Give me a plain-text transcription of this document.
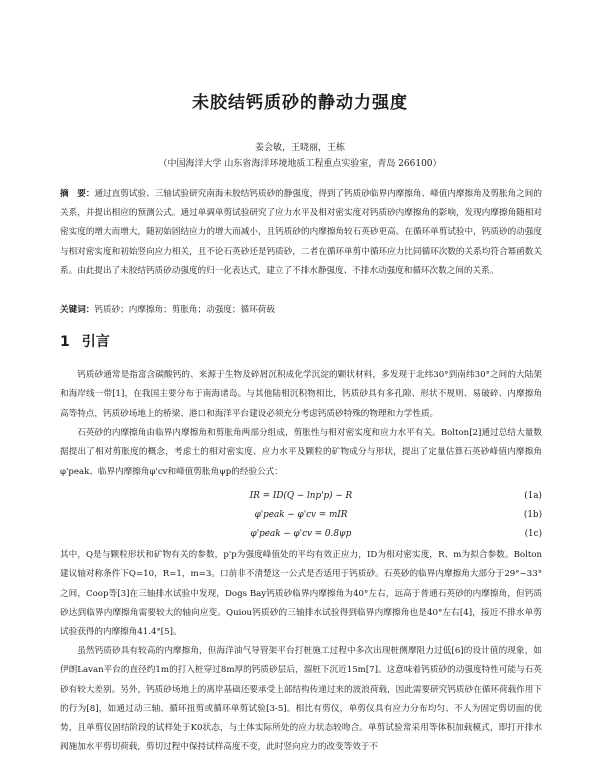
未胶结钙质砂的静动力强度
姜会敏，王晓丽，王栋
（中国海洋大学 山东省海洋环境地质工程重点实验室，青岛 266100）

摘　要：通过直剪试验、三轴试验研究南海未胶结钙质砂的静强度，得到了钙质砂临界内摩擦角、峰值内摩擦角及剪胀角之间的关系，并提出相应的预测公式。通过单调单剪试验研究了应力水平及相对密实度对钙质砂内摩擦角的影响，发现内摩擦角随相对密实度的增大而增大，随初始固结应力的增大而减小，且钙质砂的内摩擦角较石英砂更高。在循环单剪试验中，钙质砂的动强度与相对密实度和初始竖向应力相关，且不论石英砂还是钙质砂，二者在循环单剪中循环应力比同循环次数的关系均符合幂函数关系。由此提出了未胶结钙质砂动强度的归一化表达式，建立了不排水静强度、不排水动强度和循环次数之间的关系。

关键词：钙质砂；内摩擦角；剪胀角；动强度；循环荷载

1 引言

钙质砂通常是指富含碳酸钙的、来源于生物及碎屑沉积成化学沉淀的颗状材料，多发现于北纬30°到南纬30°之间的大陆架和海岸线一带[1]，在我国主要分布于南海诸岛。与其他陆相沉积物相比，钙质砂具有多孔隙、形状不规则、易破碎、内摩擦角高等特点，钙质砂场地上的桥梁、港口和海洋平台建设必须充分考虑钙质砂特殊的物理和力学性质。

石英砂的内摩擦角由临界内摩擦角和剪胀角两部分组成，剪胀性与相对密实度和应力水平有关。Bolton[2]通过总结大量数据提出了相对剪胀度的概念，考虑土的相对密实度、应力水平及颗粒的矿物成分与形状，提出了定量估算石英砂峰值内摩擦角φ'peak、临界内摩擦角φ'cv和峰值剪胀角ψp的经验公式：

IR = ID(Q − lnp'p) − R	(1a)
φ'peak − φ'cv = mIR	(1b)
φ'peak − φ'cv = 0.8ψp	(1c)

其中，Q是与颗粒形状和矿物有关的参数，p'p为强度峰值处的平均有效正应力，ID为相对密实度，R、m为拟合参数。Bolton建议轴对称条件下Q=10，R=1，m=3。口前非不清楚这一公式是否适用于钙质砂。石英砂的临界内摩擦角大部分于29°~33°之间，Coop等[3]在三轴排水试验中发现，Dogs Bay钙质砂临界内摩擦角为40°左右，远高于普通石英砂的内摩擦角，但钙质砂达到临界内摩擦角需要较大的轴向应变。Quiou钙质砂的三轴排水试验得到临界内摩擦角也是40°左右[4]，接近不排水单剪试验获得的内摩擦角41.4°[5]。

虽然钙质砂具有较高的内摩擦角，但海洋油气导管架平台打桩施工过程中多次出现桩侧摩阻力过低[6]的设计值的现象，如伊朗Lavan平台的直径约1m的打入桩穿过8m厚的钙质砂层后，溜桩下沉近15m[7]。这意味着钙质砂的动强度特性可能与石英砂有较大差别。另外，钙质砂场地上的离岸基础还要承受上部结构传递过来的波浪荷载，因此需要研究钙质砂在循环荷载作用下的行为[8]，如通过动三轴、循环扭剪或循环单剪试验[3-5]。相比有剪仪，单剪仪具有应力分布均匀、不人为固定剪切面的优势，且单剪仪固结阶段的试样处于K0状态，与土体实际所处的应力状态较吻合。单剪试验常采用等体积加载模式，即打开排水阀施加水平剪切荷载，剪切过程中保持试样高度不变，此时竖向应力的改变等效于不
